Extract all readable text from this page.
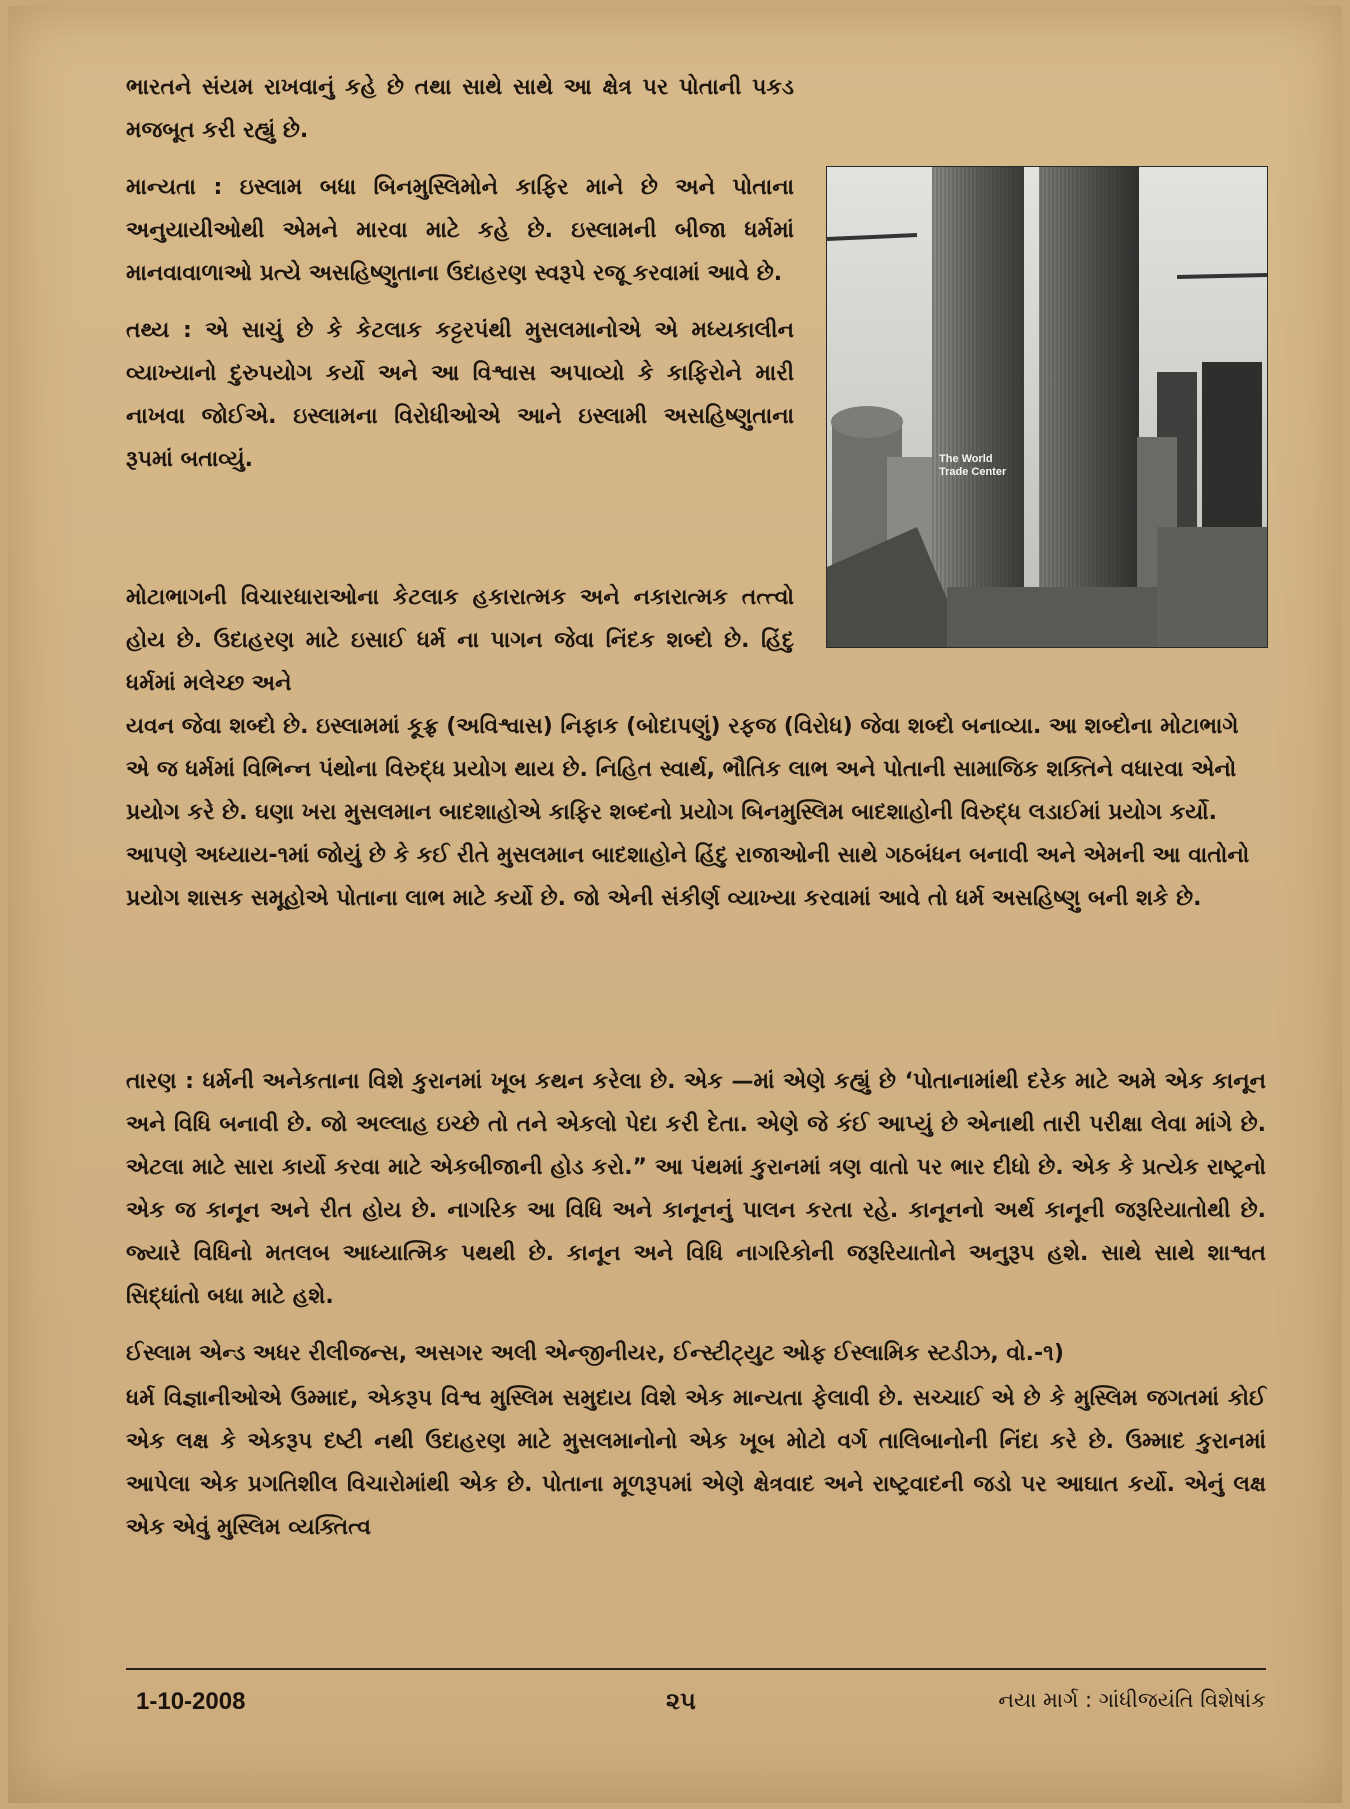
ભારતને સંયમ રાખવાનું કહે છે તથા સાથે સાથે આ ક્ષેત્ર પર પોતાની પકડ મજબૂત કરી રહ્યું છે.

માન્યતા : ઇસ્લામ બધા બિનમુસ્લિમોને કાફિર માને છે અને પોતાના અનુયાયીઓથી એમને મારવા માટે કહે છે. ઇસ્લામની બીજા ધર્મમાં માનવાવાળાઓ પ્રત્યે અસહિષ્ણુતાના ઉદાહરણ સ્વરૂપે રજૂ કરવામાં આવે છે.

તથ્ય : એ સાચું છે કે કેટલાક કટ્ટરપંથી મુસલમાનોએ એ મધ્યકાલીન વ્યાખ્યાનો દુરુપયોગ કર્યો અને આ વિશ્વાસ અપાવ્યો કે કાફિરોને મારી નાખવા જોઈએ. ઇસ્લામના વિરોધીઓએ આને ઇસ્લામી અસહિષ્ણુતાના રૂપમાં બતાવ્યું.	The World Trade Center
મોટાભાગની વિચારધારાઓના કેટલાક હકારાત્મક અને નકારાત્મક તત્ત્વો હોય છે. ઉદાહરણ માટે ઇસાઈ ધર્મ ના પાગન જેવા નિંદક શબ્દો છે. હિંદુ ધર્મમાં મલેચ્છ અને

યવન જેવા શબ્દો છે. ઇસ્લામમાં કૂફ્ર (અવિશ્વાસ) નિફાક (બોદાપણું) રફજ (વિરોધ) જેવા શબ્દો બનાવ્યા. આ શબ્દોના મોટાભાગે એ જ ધર્મમાં વિભિન્ન પંથોના વિરુદ્ધ પ્રયોગ થાય છે. નિહિત સ્વાર્થ, ભૌતિક લાભ અને પોતાની સામાજિક શક્તિને વધારવા એનો પ્રયોગ કરે છે. ઘણા ખરા મુસલમાન બાદશાહોએ કાફિર શબ્દનો પ્રયોગ બિનમુસ્લિમ બાદશાહોની વિરુદ્ધ લડાઈમાં પ્રયોગ કર્યો. આપણે અધ્યાય-૧માં જોયું છે કે કઈ રીતે મુસલમાન બાદશાહોને હિંદુ રાજાઓની સાથે ગઠબંધન બનાવી અને એમની આ વાતોનો પ્રયોગ શાસક સમૂહોએ પોતાના લાભ માટે કર્યો છે. જો એની સંકીર્ણ વ્યાખ્યા કરવામાં આવે તો ધર્મ અસહિષ્ણુ બની શકે છે.

તારણ : ધર્મની અનેકતાના વિશે કુરાનમાં ખૂબ કથન કરેલા છે. એક —માં એણે કહ્યું છે ‘પોતાનામાંથી દરેક માટે અમે એક કાનૂન અને વિધિ બનાવી છે. જો અલ્લાહ ઇચ્છે તો તને એકલો પેદા કરી દેતા. એણે જે કંઈ આપ્યું છે એનાથી તારી પરીક્ષા લેવા માંગે છે. એટલા માટે સારા કાર્યો કરવા માટે એકબીજાની હોડ કરો.” આ પંથમાં કુરાનમાં ત્રણ વાતો પર ભાર દીધો છે. એક કે પ્રત્યેક રાષ્ટ્રનો એક જ કાનૂન અને રીત હોય છે. નાગરિક આ વિધિ અને કાનૂનનું પાલન કરતા રહે. કાનૂનનો અર્થ કાનૂની જરૂરિયાતોથી છે. જ્યારે વિધિનો મતલબ આધ્યાત્મિક પથથી છે. કાનૂન અને વિધિ નાગરિકોની જરૂરિયાતોને અનુરૂપ હશે. સાથે સાથે શાશ્વત સિદ્ધાંતો બધા માટે હશે.

ઈસ્લામ એન્ડ અધર રીલીજન્સ, અસગર અલી એન્જીનીયર, ઈન્સ્ટીટ્યુટ ઓફ ઈસ્લામિક સ્ટડીઝ, વો.-૧)

ધર્મ વિજ્ઞાનીઓએ ઉમ્માદ, એકરૂપ વિશ્વ મુસ્લિમ સમુદાય વિશે એક માન્યતા ફેલાવી છે. સચ્ચાઈ એ છે કે મુસ્લિમ જગતમાં કોઈ એક લક્ષ કે એકરૂપ દષ્ટી નથી ઉદાહરણ માટે મુસલમાનોનો એક ખૂબ મોટો વર્ગ તાલિબાનોની નિંદા કરે છે. ઉમ્માદ કુરાનમાં આપેલા એક પ્રગતિશીલ વિચારોમાંથી એક છે. પોતાના મૂળરૂપમાં એણે ક્ષેત્રવાદ અને રાષ્ટ્રવાદની જડો પર આઘાત કર્યો. એનું લક્ષ એક એવું મુસ્લિમ વ્યક્તિત્વ

1-10-2008	૨૫	નયા માર્ગ : ગાંધીજયંતિ વિશેષાંક
